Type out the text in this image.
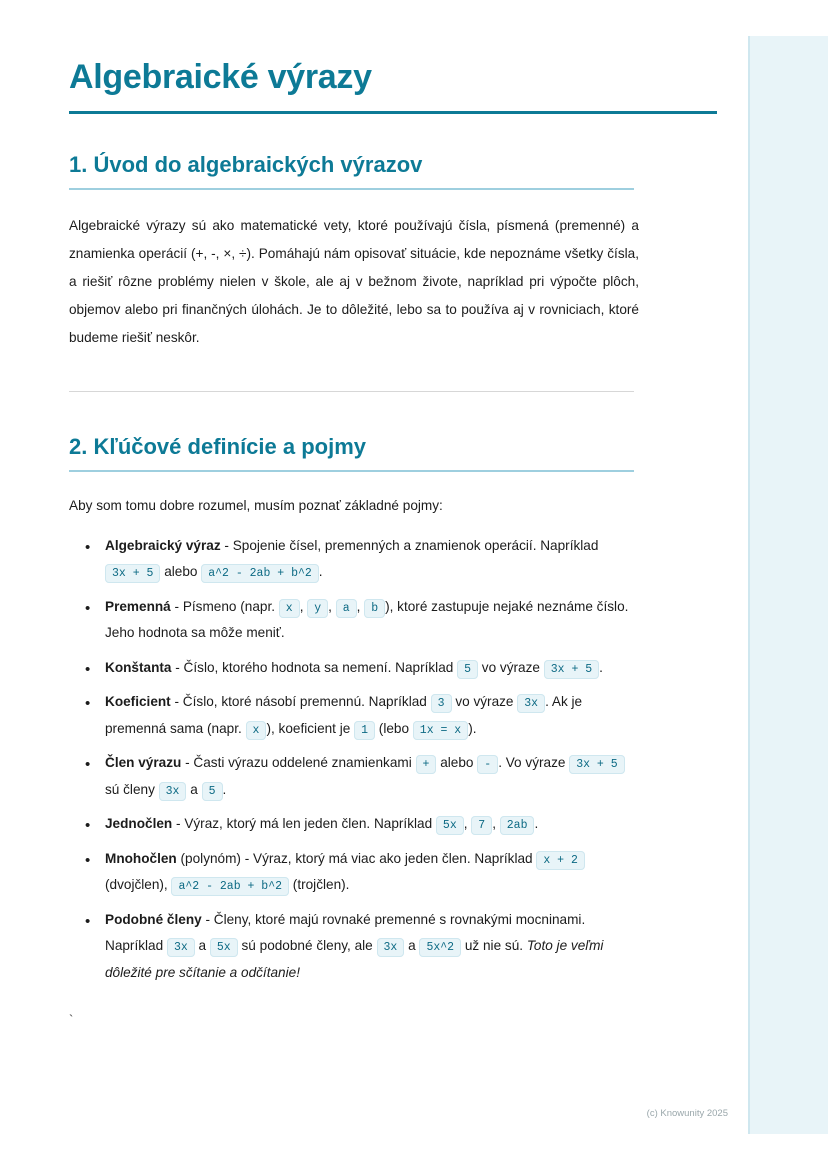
Algebraické výrazy
1. Úvod do algebraických výrazov

Algebraické výrazy sú ako matematické vety, ktoré používajú čísla, písmená (premenné) a znamienka operácií (+, -, ×, ÷). Pomáhajú nám opisovať situácie, kde nepoznáme všetky čísla, a riešiť rôzne problémy nielen v škole, ale aj v bežnom živote, napríklad pri výpočte plôch, objemov alebo pri finančných úlohách. Je to dôležité, lebo sa to používa aj v rovniciach, ktoré budeme riešiť neskôr.

2. Kľúčové definície a pojmy

Aby som tomu dobre rozumel, musím poznať základné pojmy:

• Algebraický výraz - Spojenie čísel, premenných a znamienok operácií. Napríklad 3x + 5 alebo a^2 - 2ab + b^2 .
• Premenná - Písmeno (napr. x , y , a , b ), ktoré zastupuje nejaké neznáme číslo. Jeho hodnota sa môže meniť.
• Konštanta - Číslo, ktorého hodnota sa nemení. Napríklad 5 vo výraze 3x + 5 .
• Koeficient - Číslo, ktoré násobí premennú. Napríklad 3 vo výraze 3x . Ak je premenná sama (napr. x ), koeficient je 1 (lebo 1x = x ).
• Člen výrazu - Časti výrazu oddelené znamienkami + alebo - . Vo výraze 3x + 5 sú členy 3x a 5 .
• Jednočlen - Výraz, ktorý má len jeden člen. Napríklad 5x , 7 , 2ab .
• Mnohočlen (polynóm) - Výraz, ktorý má viac ako jeden člen. Napríklad x + 2 (dvojčlen), a^2 - 2ab + b^2 (trojčlen).
• Podobné členy - Členy, ktoré majú rovnaké premenné s rovnakými mocninami. Napríklad 3x a 5x sú podobné členy, ale 3x a 5x^2 už nie sú. Toto je veľmi dôležité pre sčítanie a odčítanie!
`
(c) Knowunity 2025
